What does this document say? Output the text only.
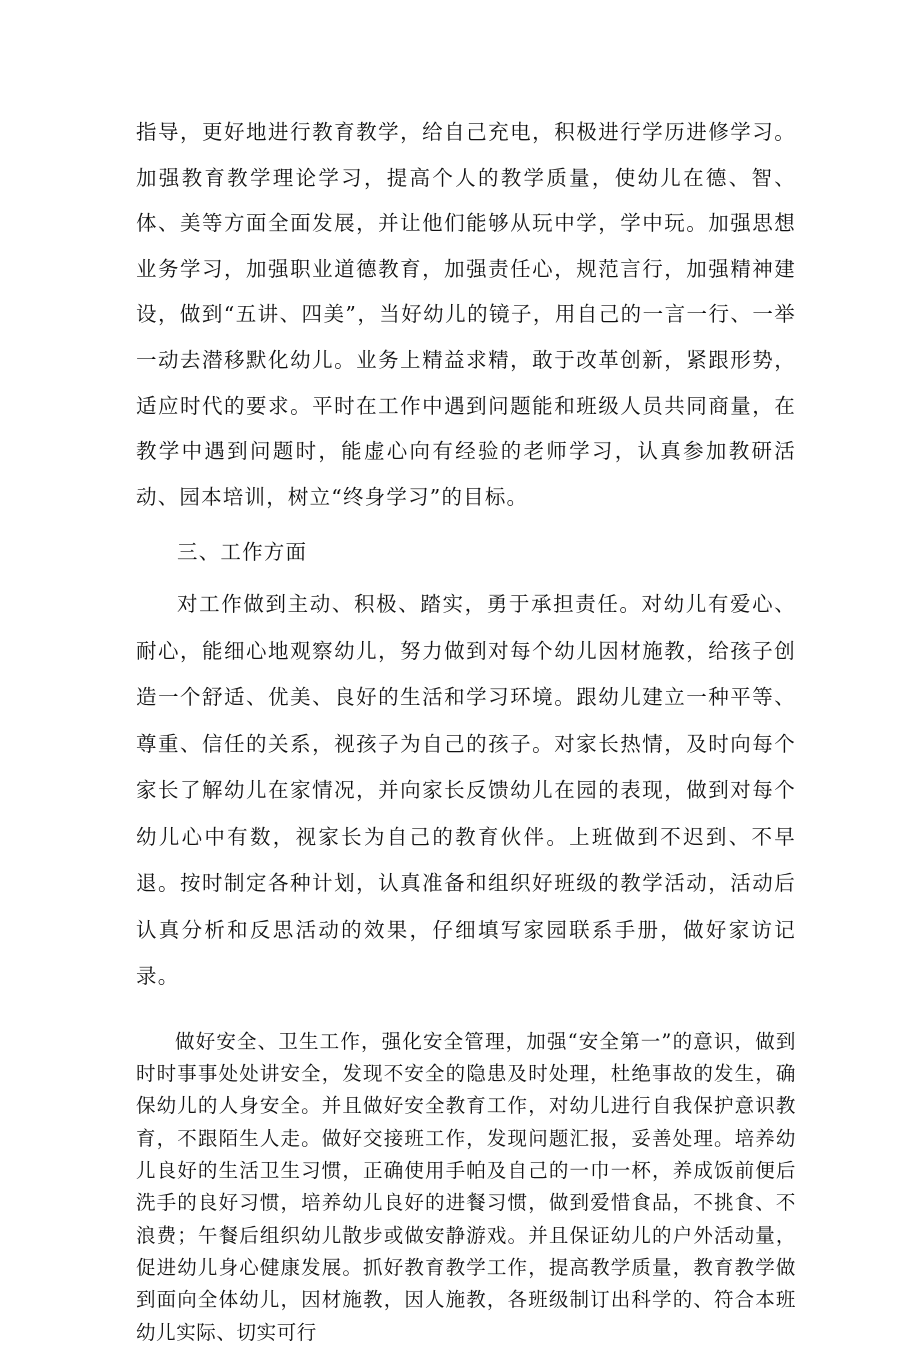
指导，更好地进行教育教学，给自己充电，积极进行学历进修学习。加强教育教学理论学习，提高个人的教学质量，使幼儿在德、智、体、美等方面全面发展，并让他们能够从玩中学，学中玩。加强思想业务学习，加强职业道德教育，加强责任心，规范言行，加强精神建设，做到“五讲、四美”，当好幼儿的镜子，用自己的一言一行、一举一动去潜移默化幼儿。业务上精益求精，敢于改革创新，紧跟形势，适应时代的要求。平时在工作中遇到问题能和班级人员共同商量，在教学中遇到问题时，能虚心向有经验的老师学习，认真参加教研活动、园本培训，树立“终身学习”的目标。

三、工作方面

对工作做到主动、积极、踏实，勇于承担责任。对幼儿有爱心、耐心，能细心地观察幼儿，努力做到对每个幼儿因材施教，给孩子创造一个舒适、优美、良好的生活和学习环境。跟幼儿建立一种平等、尊重、信任的关系，视孩子为自己的孩子。对家长热情，及时向每个家长了解幼儿在家情况，并向家长反馈幼儿在园的表现，做到对每个幼儿心中有数，视家长为自己的教育伙伴。上班做到不迟到、不早退。按时制定各种计划，认真准备和组织好班级的教学活动，活动后认真分析和反思活动的效果，仔细填写家园联系手册，做好家访记录。

做好安全、卫生工作，强化安全管理，加强“安全第一”的意识，做到时时事事处处讲安全，发现不安全的隐患及时处理，杜绝事故的发生，确保幼儿的人身安全。并且做好安全教育工作，对幼儿进行自我保护意识教育，不跟陌生人走。做好交接班工作，发现问题汇报，妥善处理。培养幼儿良好的生活卫生习惯，正确使用手帕及自己的一巾一杯，养成饭前便后洗手的良好习惯，培养幼儿良好的进餐习惯，做到爱惜食品，不挑食、不浪费；午餐后组织幼儿散步或做安静游戏。并且保证幼儿的户外活动量，促进幼儿身心健康发展。抓好教育教学工作，提高教学质量，教育教学做到面向全体幼儿，因材施教，因人施教，各班级制订出科学的、符合本班幼儿实际、切实可行
